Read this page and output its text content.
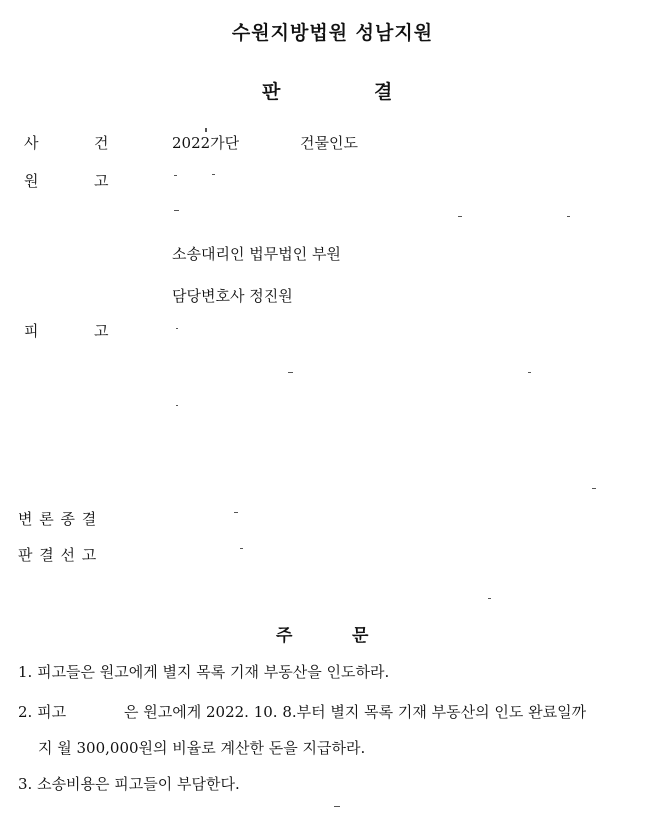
수원지방법원 성남지원
판	결
사	건	2022가단	건물인도
원	고
소송대리인 법무법인 부원
담당변호사 정진원
피	고
변 론 종 결
판 결 선 고
주	문
1. 피고들은 원고에게 별지 목록 기재 부동산을 인도하라.
2. 피고	은 원고에게 2022. 10. 8.부터 별지 목록 기재 부동산의 인도 완료일까
지 월 300,000원의 비율로 계산한 돈을 지급하라.
3. 소송비용은 피고들이 부담한다.
